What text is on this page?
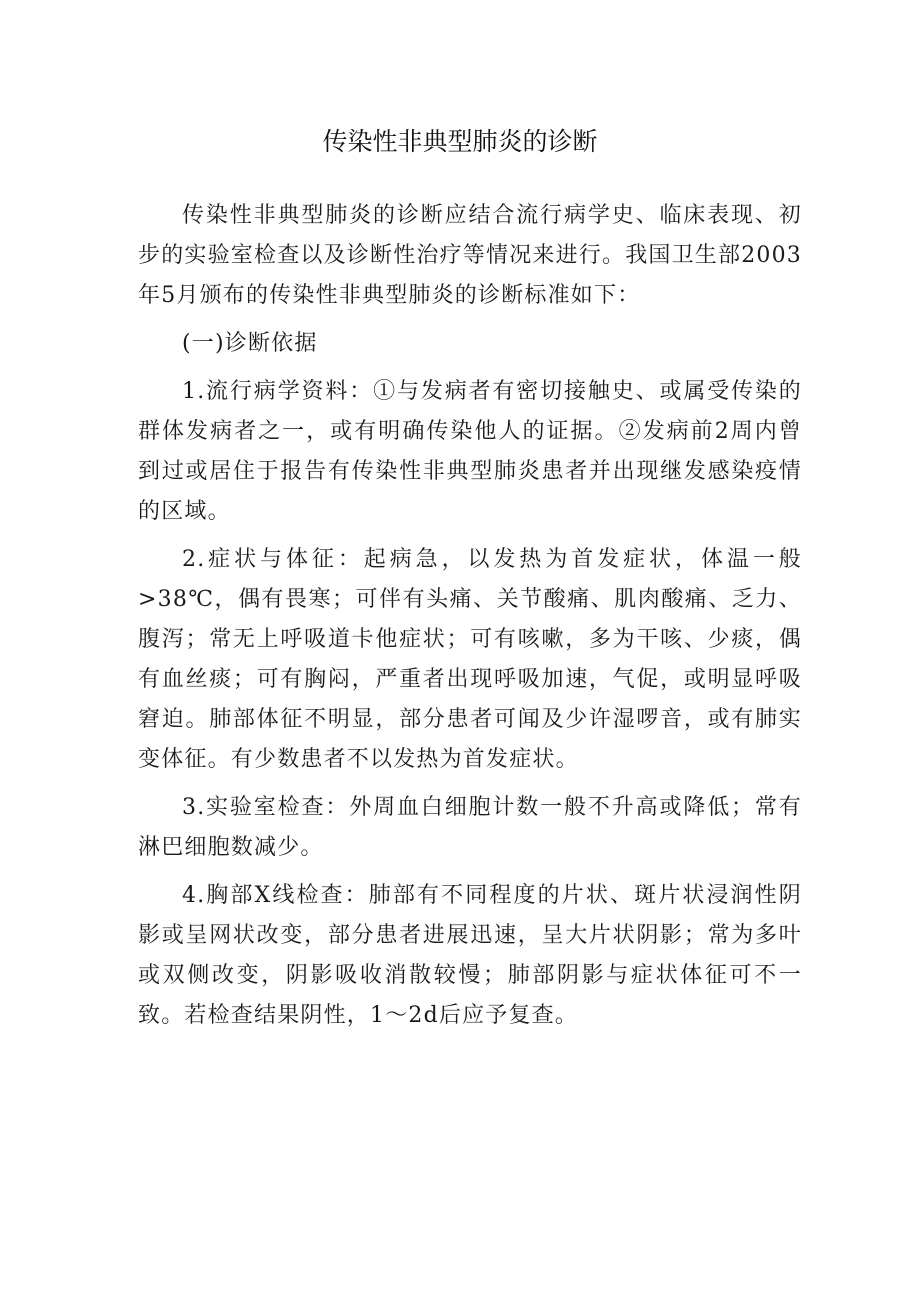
传染性非典型肺炎的诊断

传染性非典型肺炎的诊断应结合流行病学史、临床表现、初步的实验室检查以及诊断性治疗等情况来进行。我国卫生部2003年5月颁布的传染性非典型肺炎的诊断标准如下：

(一)诊断依据

1.流行病学资料：①与发病者有密切接触史、或属受传染的群体发病者之一，或有明确传染他人的证据。②发病前2周内曾到过或居住于报告有传染性非典型肺炎患者并出现继发感染疫情的区域。

2.症状与体征：起病急，以发热为首发症状，体温一般>38℃，偶有畏寒；可伴有头痛、关节酸痛、肌肉酸痛、乏力、腹泻；常无上呼吸道卡他症状；可有咳嗽，多为干咳、少痰，偶有血丝痰；可有胸闷，严重者出现呼吸加速，气促，或明显呼吸窘迫。肺部体征不明显，部分患者可闻及少许湿啰音，或有肺实变体征。有少数患者不以发热为首发症状。

3.实验室检查：外周血白细胞计数一般不升高或降低；常有淋巴细胞数减少。

4.胸部X线检查：肺部有不同程度的片状、斑片状浸润性阴影或呈网状改变，部分患者进展迅速，呈大片状阴影；常为多叶或双侧改变，阴影吸收消散较慢；肺部阴影与症状体征可不一致。若检查结果阴性，1～2d后应予复查。
